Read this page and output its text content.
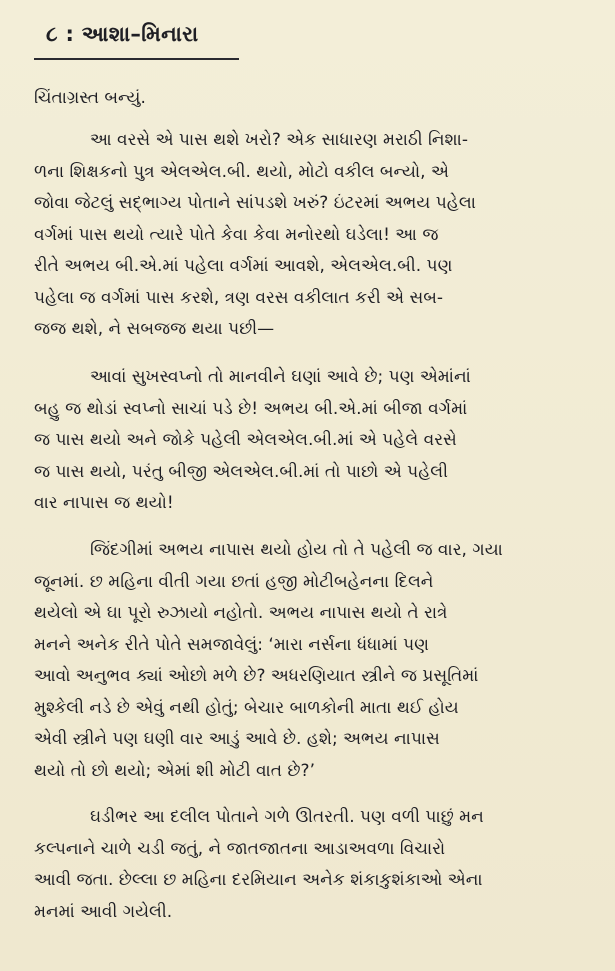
૮ : આશા–મિનારા
ચિંતાગ્રસ્ત બન્યું.
આ વરસે એ પાસ થશે ખરો? એક સાધારણ મરાઠી નિશા-
ળના શિક્ષકનો પુત્ર એલએલ.બી. થયો, મોટો વકીલ બન્યો, એ
જોવા જેટલું સદ્ભાગ્ય પોતાને સાંપડશે ખરું? ઇંટરમાં અભય પહેલા
વર્ગમાં પાસ થયો ત્યારે પોતે કેવા કેવા મનોરથો ઘડેલા! આ જ
રીતે અભય બી.એ.માં પહેલા વર્ગમાં આવશે, એલએલ.બી. પણ
પહેલા જ વર્ગમાં પાસ કરશે, ત્રણ વરસ વકીલાત કરી એ સબ-
જજ થશે, ને સબજજ થયા પછી—
આવાં સુખસ્વપ્નો તો માનવીને ઘણાં આવે છે; પણ એમાંનાં
બહુ જ થોડાં સ્વપ્નો સાચાં પડે છે! અભય બી.એ.માં બીજા વર્ગમાં
જ પાસ થયો અને જોકે પહેલી એલએલ.બી.માં એ પહેલે વરસે
જ પાસ થયો, પરંતુ બીજી એલએલ.બી.માં તો પાછો એ પહેલી
વાર નાપાસ જ થયો!
જિંદગીમાં અભય નાપાસ થયો હોય તો તે પહેલી જ વાર, ગયા
જૂનમાં. છ મહિના વીતી ગયા છતાં હજી મોટીબહેનના દિલને
થયેલો એ ઘા પૂરો રુઝાયો નહોતો. અભય નાપાસ થયો તે રાત્રે
મનને અનેક રીતે પોતે સમજાવેલું: ‘મારા નર્સના ધંધામાં પણ
આવો અનુભવ ક્યાં ઓછો મળે છે? અધરણિયાત સ્ત્રીને જ પ્રસૂતિમાં
મુશ્કેલી નડે છે એવું નથી હોતું; બેચાર બાળકોની માતા થઈ હોય
એવી સ્ત્રીને પણ ઘણી વાર આડું આવે છે. હશે; અભય નાપાસ
થયો તો છો થયો; એમાં શી મોટી વાત છે?’
ઘડીભર આ દલીલ પોતાને ગળે ઊતરતી. પણ વળી પાછું મન
કલ્પનાને ચાળે ચડી જતું, ને જાતજાતના આડાઅવળા વિચારો
આવી જતા. છેલ્લા છ મહિના દરમિયાન અનેક શંકાકુશંકાઓ એના
મનમાં આવી ગયેલી.
